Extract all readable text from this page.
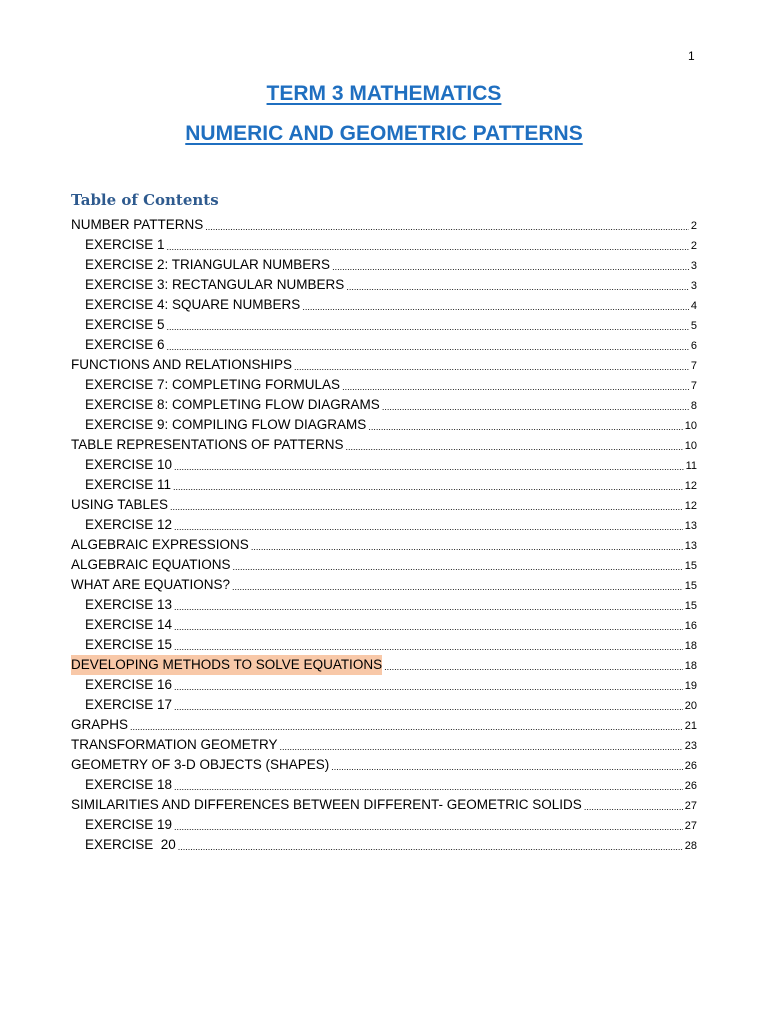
1
TERM 3 MATHEMATICS
NUMERIC AND GEOMETRIC PATTERNS
Table of Contents
NUMBER PATTERNS .....	2
EXERCISE 1 .....	2
EXERCISE 2: TRIANGULAR NUMBERS .....	3
EXERCISE 3: RECTANGULAR NUMBERS .....	3
EXERCISE 4: SQUARE NUMBERS .....	4
EXERCISE 5 .....	5
EXERCISE 6 .....	6
FUNCTIONS AND RELATIONSHIPS .....	7
EXERCISE 7: COMPLETING FORMULAS .....	7
EXERCISE 8: COMPLETING FLOW DIAGRAMS .....	8
EXERCISE 9: COMPILING FLOW DIAGRAMS .....	10
TABLE REPRESENTATIONS OF PATTERNS .....	10
EXERCISE 10 .....	11
EXERCISE 11 .....	12
USING TABLES .....	12
EXERCISE 12 .....	13
ALGEBRAIC EXPRESSIONS .....	13
ALGEBRAIC EQUATIONS .....	15
WHAT ARE EQUATIONS? .....	15
EXERCISE 13 .....	15
EXERCISE 14 .....	16
EXERCISE 15 .....	18
DEVELOPING METHODS TO SOLVE EQUATIONS .....	18
EXERCISE 16 .....	19
EXERCISE 17 .....	20
GRAPHS .....	21
TRANSFORMATION GEOMETRY .....	23
GEOMETRY OF 3-D OBJECTS (SHAPES) .....	26
EXERCISE 18 .....	26
SIMILARITIES AND DIFFERENCES BETWEEN DIFFERENT- GEOMETRIC SOLIDS .....	27
EXERCISE 19 .....	27
EXERCISE  20 .....	28
